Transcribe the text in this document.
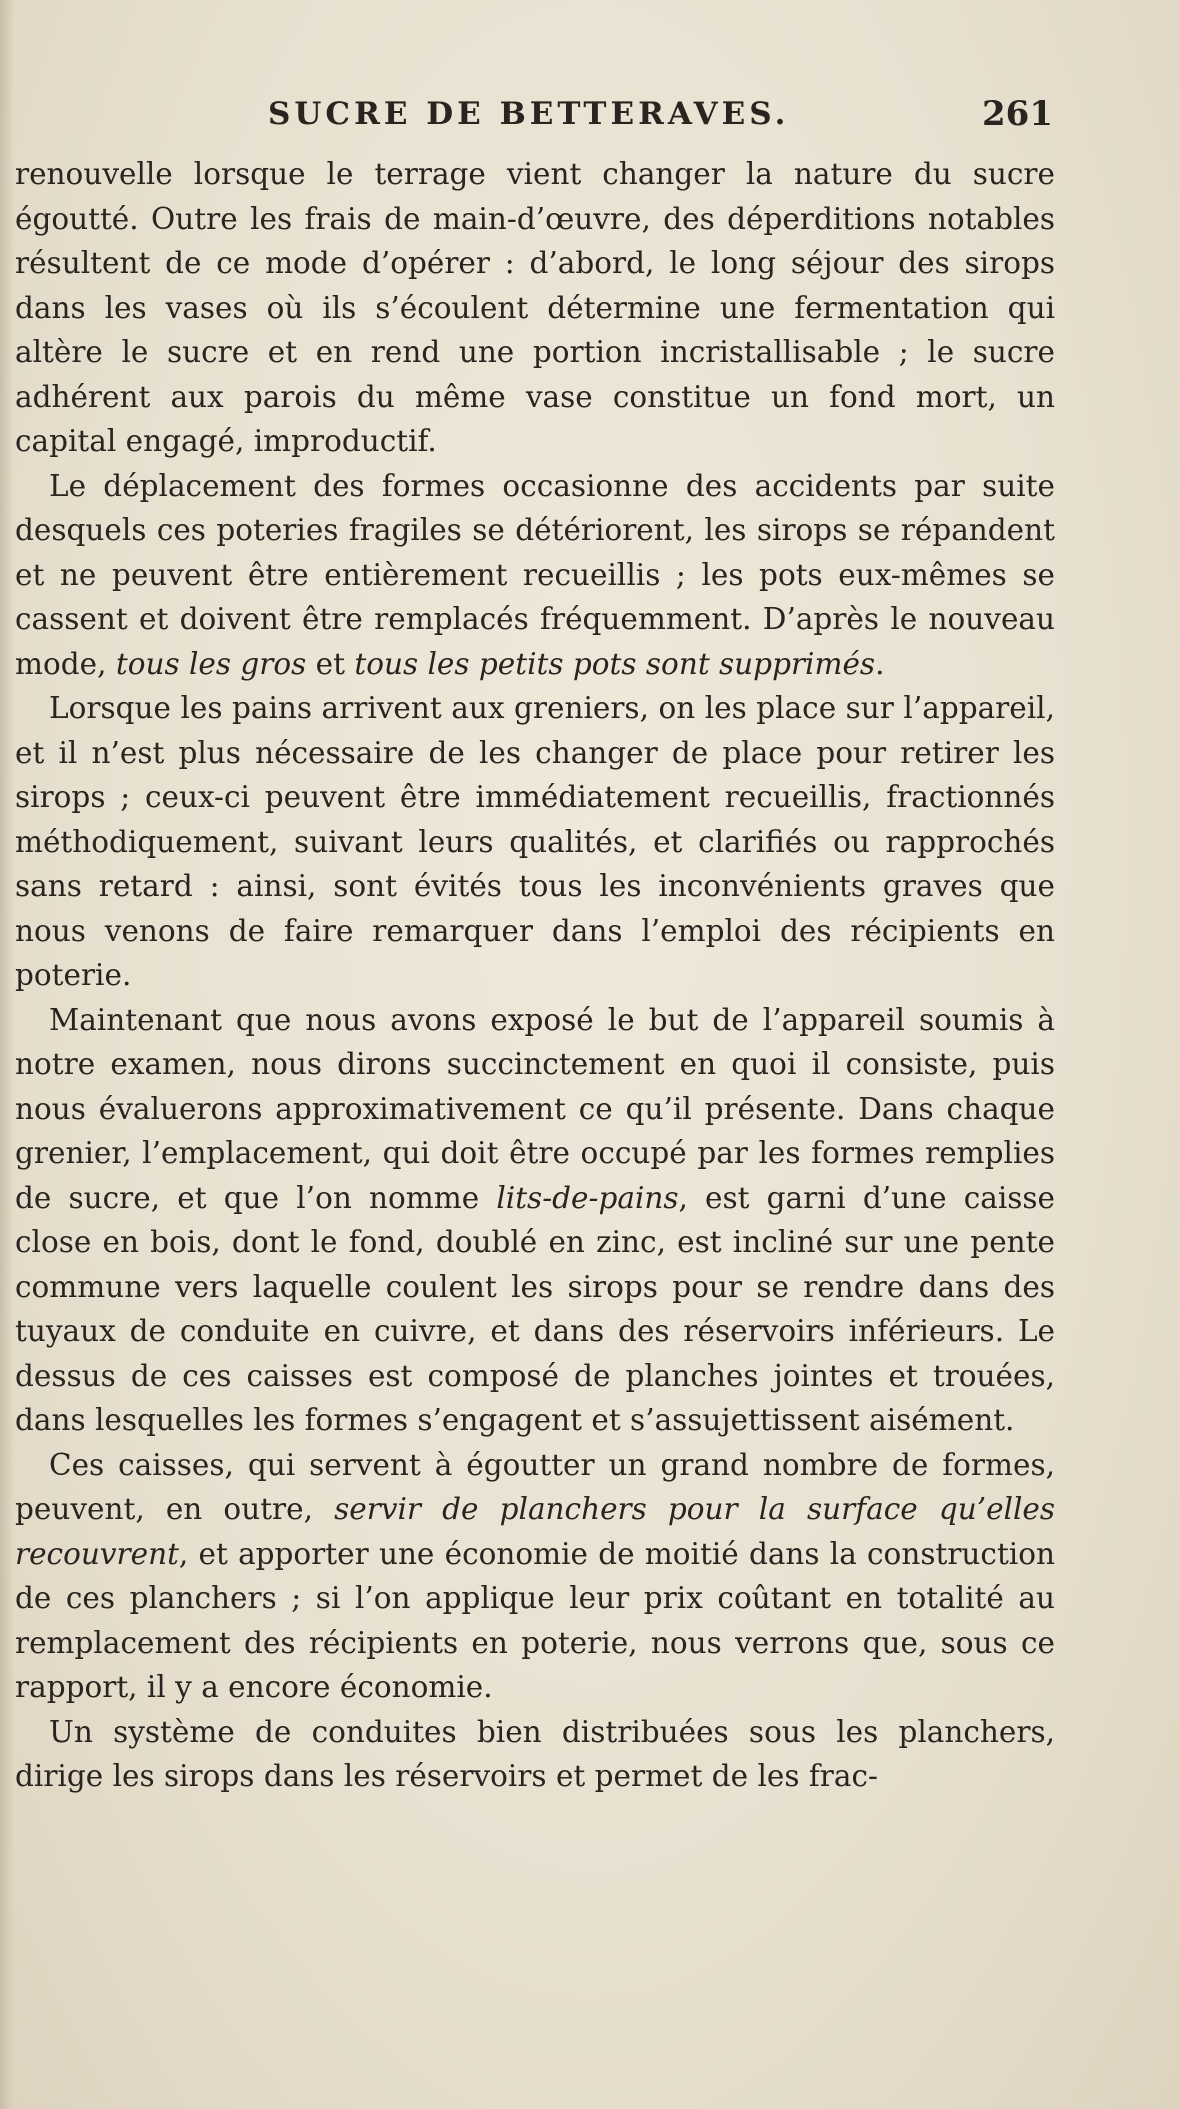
SUCRE DE BETTERAVES.	261

renouvelle lorsque le terrage vient changer la nature du sucre égoutté. Outre les frais de main-d’œuvre, des déperditions notables résultent de ce mode d’opérer : d’abord, le long séjour des sirops dans les vases où ils s’écoulent détermine une fermentation qui altère le sucre et en rend une portion incristallisable ; le sucre adhérent aux parois du même vase constitue un fond mort, un capital engagé, improductif.

Le déplacement des formes occasionne des accidents par suite desquels ces poteries fragiles se détériorent, les sirops se répandent et ne peuvent être entièrement recueillis ; les pots eux-mêmes se cassent et doivent être remplacés fréquemment. D’après le nouveau mode, tous les gros et tous les petits pots sont supprimés.

Lorsque les pains arrivent aux greniers, on les place sur l’appareil, et il n’est plus nécessaire de les changer de place pour retirer les sirops ; ceux-ci peuvent être immédiatement recueillis, fractionnés méthodiquement, suivant leurs qualités, et clarifiés ou rapprochés sans retard : ainsi, sont évités tous les inconvénients graves que nous venons de faire remarquer dans l’emploi des récipients en poterie.

Maintenant que nous avons exposé le but de l’appareil soumis à notre examen, nous dirons succinctement en quoi il consiste, puis nous évaluerons approximativement ce qu’il présente. Dans chaque grenier, l’emplacement, qui doit être occupé par les formes remplies de sucre, et que l’on nomme lits-de-pains, est garni d’une caisse close en bois, dont le fond, doublé en zinc, est incliné sur une pente commune vers laquelle coulent les sirops pour se rendre dans des tuyaux de conduite en cuivre, et dans des réservoirs inférieurs. Le dessus de ces caisses est composé de planches jointes et trouées, dans lesquelles les formes s’engagent et s’assujettissent aisément.

Ces caisses, qui servent à égoutter un grand nombre de formes, peuvent, en outre, servir de planchers pour la surface qu’elles recouvrent, et apporter une économie de moitié dans la construction de ces planchers ; si l’on applique leur prix coûtant en totalité au remplacement des récipients en poterie, nous verrons que, sous ce rapport, il y a encore économie.

Un système de conduites bien distribuées sous les planchers, dirige les sirops dans les réservoirs et permet de les frac-
